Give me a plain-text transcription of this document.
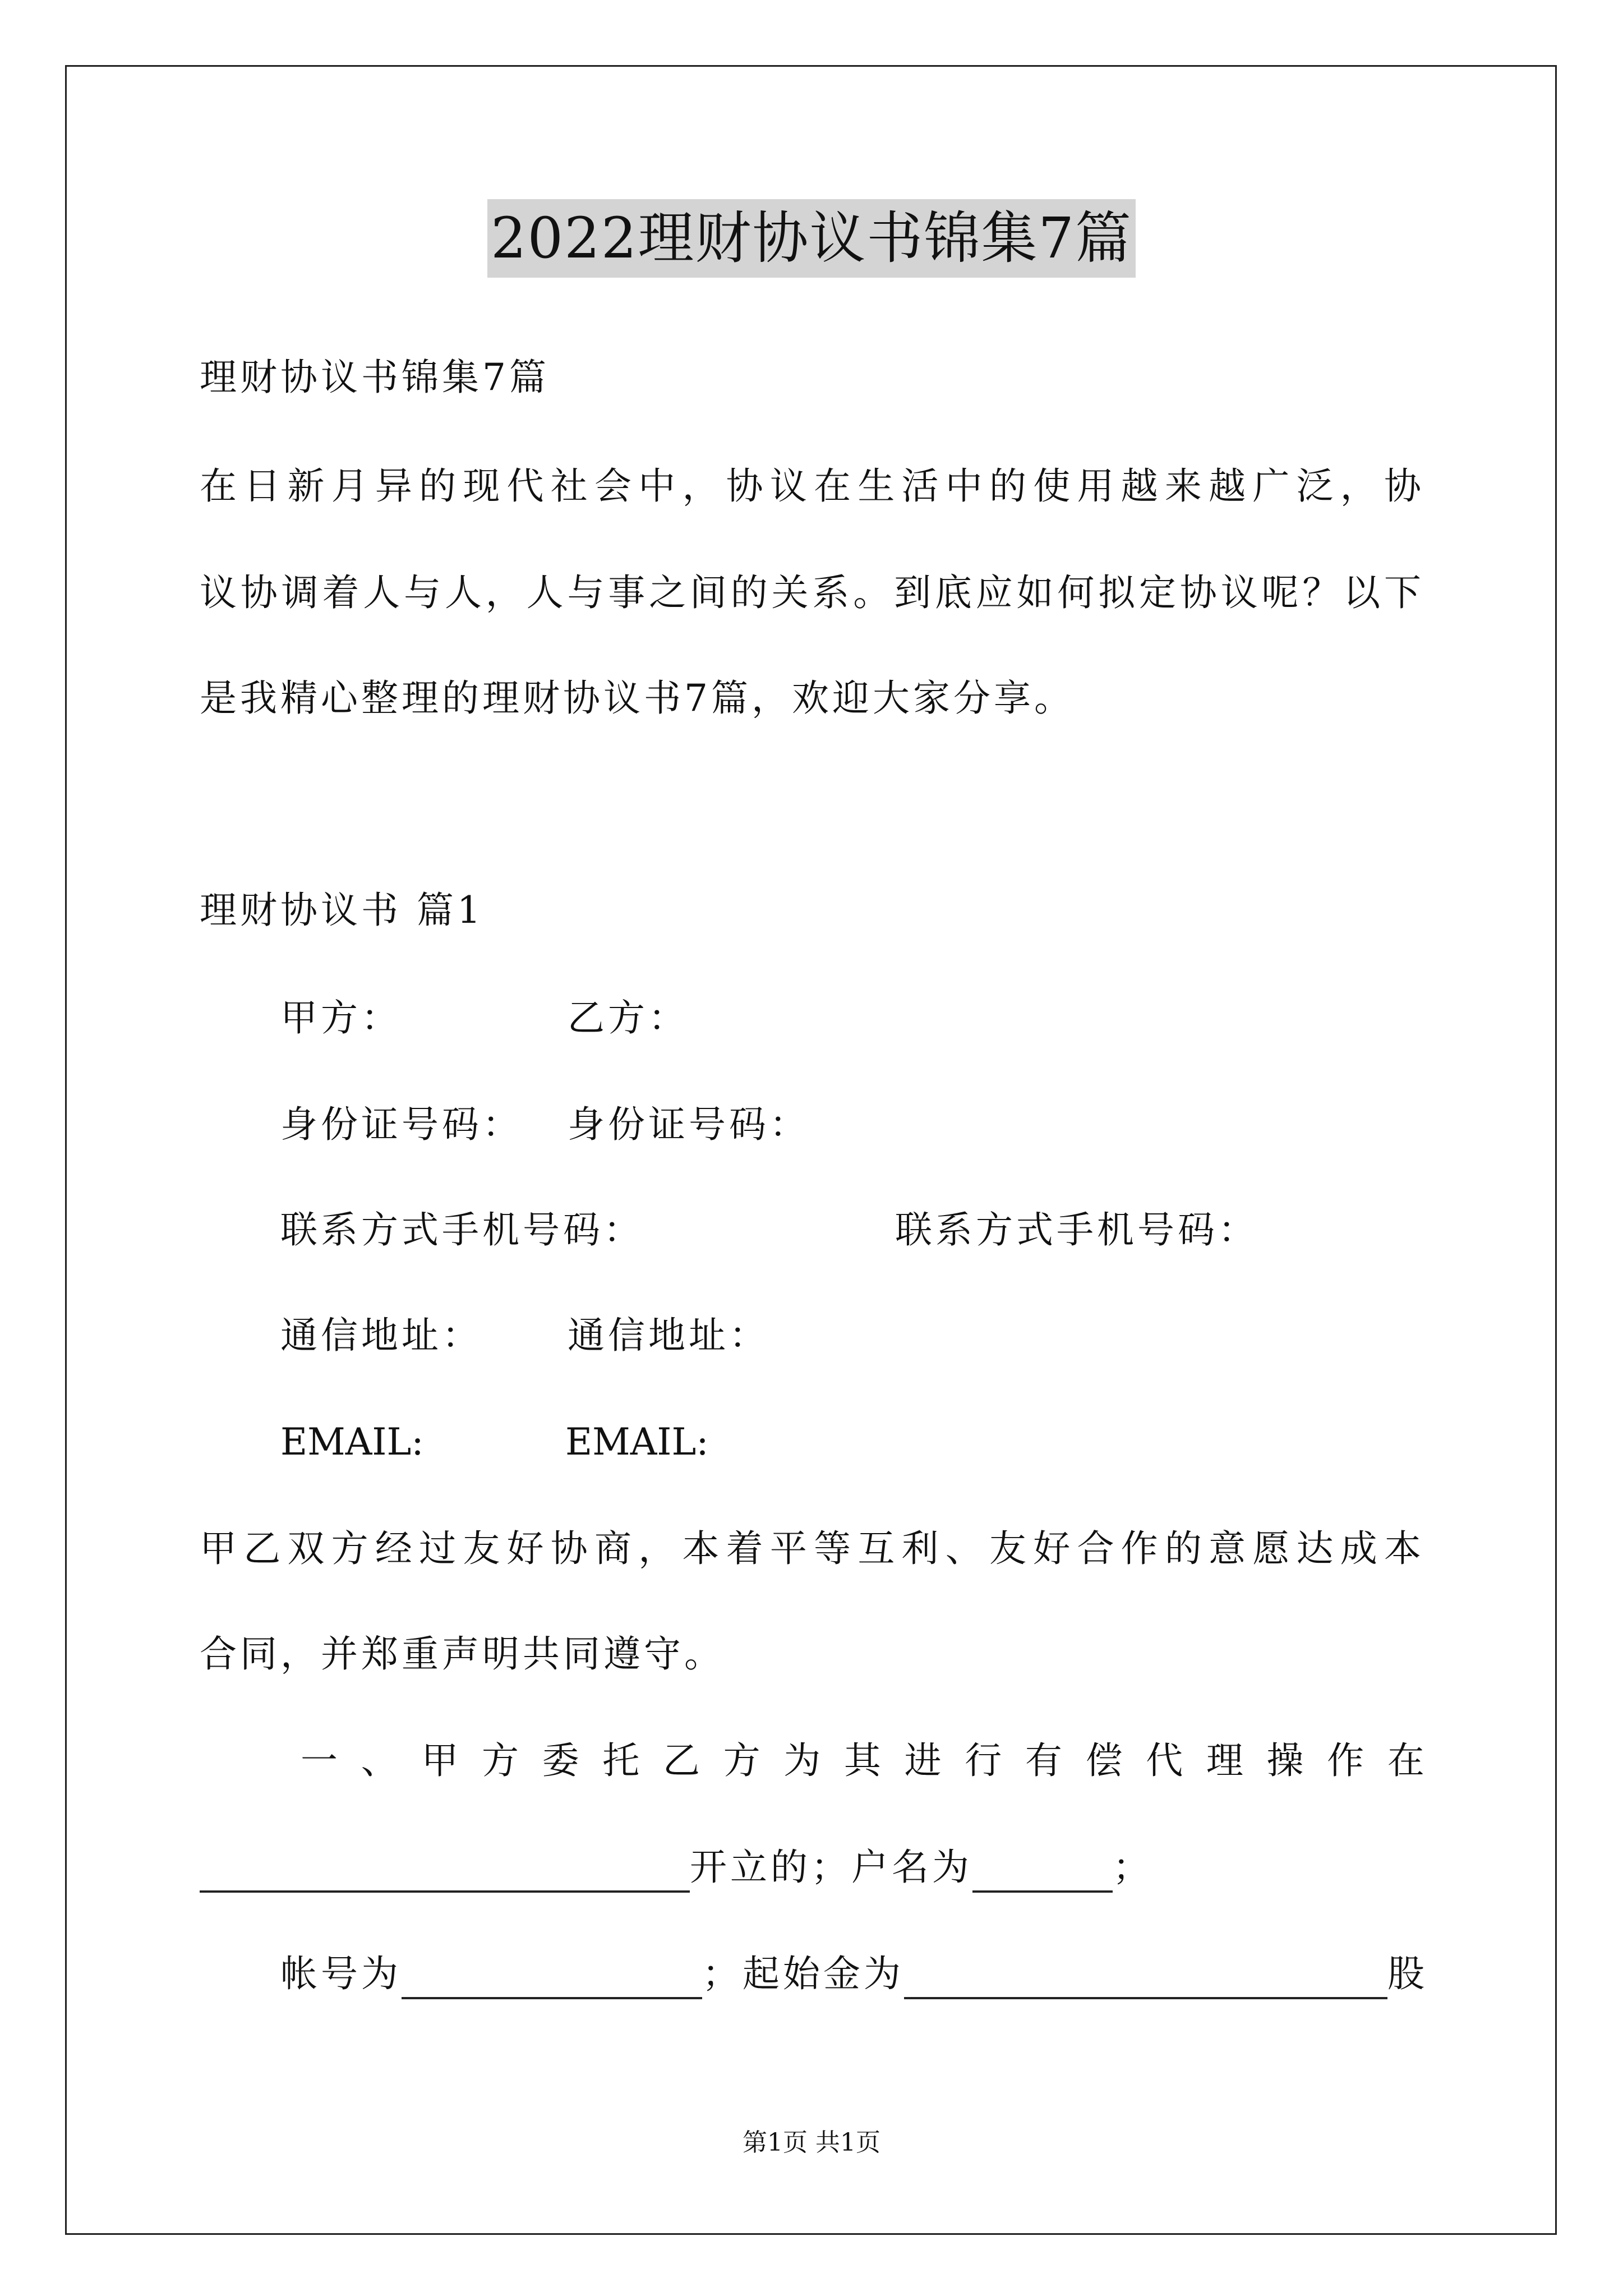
2022理财协议书锦集7篇
理财协议书锦集7篇
在日新月异的现代社会中，协议在生活中的使用越来越广泛，协
议协调着人与人，人与事之间的关系。到底应如何拟定协议呢？以下
是我精心整理的理财协议书7篇，欢迎大家分享。
理财协议书 篇1
甲方：	乙方：
身份证号码： 身份证号码：
联系方式手机号码：	联系方式手机号码：
通信地址： 通信地址：
EMAIL:	EMAIL:
甲乙双方经过友好协商，本着平等互利、友好合作的意愿达成本
合同，并郑重声明共同遵守。
一 、 甲 方 委 托 乙 方 为 其 进 行 有 偿 代 理 操 作 在
开立的；户名为	；
帐号为	；起始金为	股
第1页 共1页
